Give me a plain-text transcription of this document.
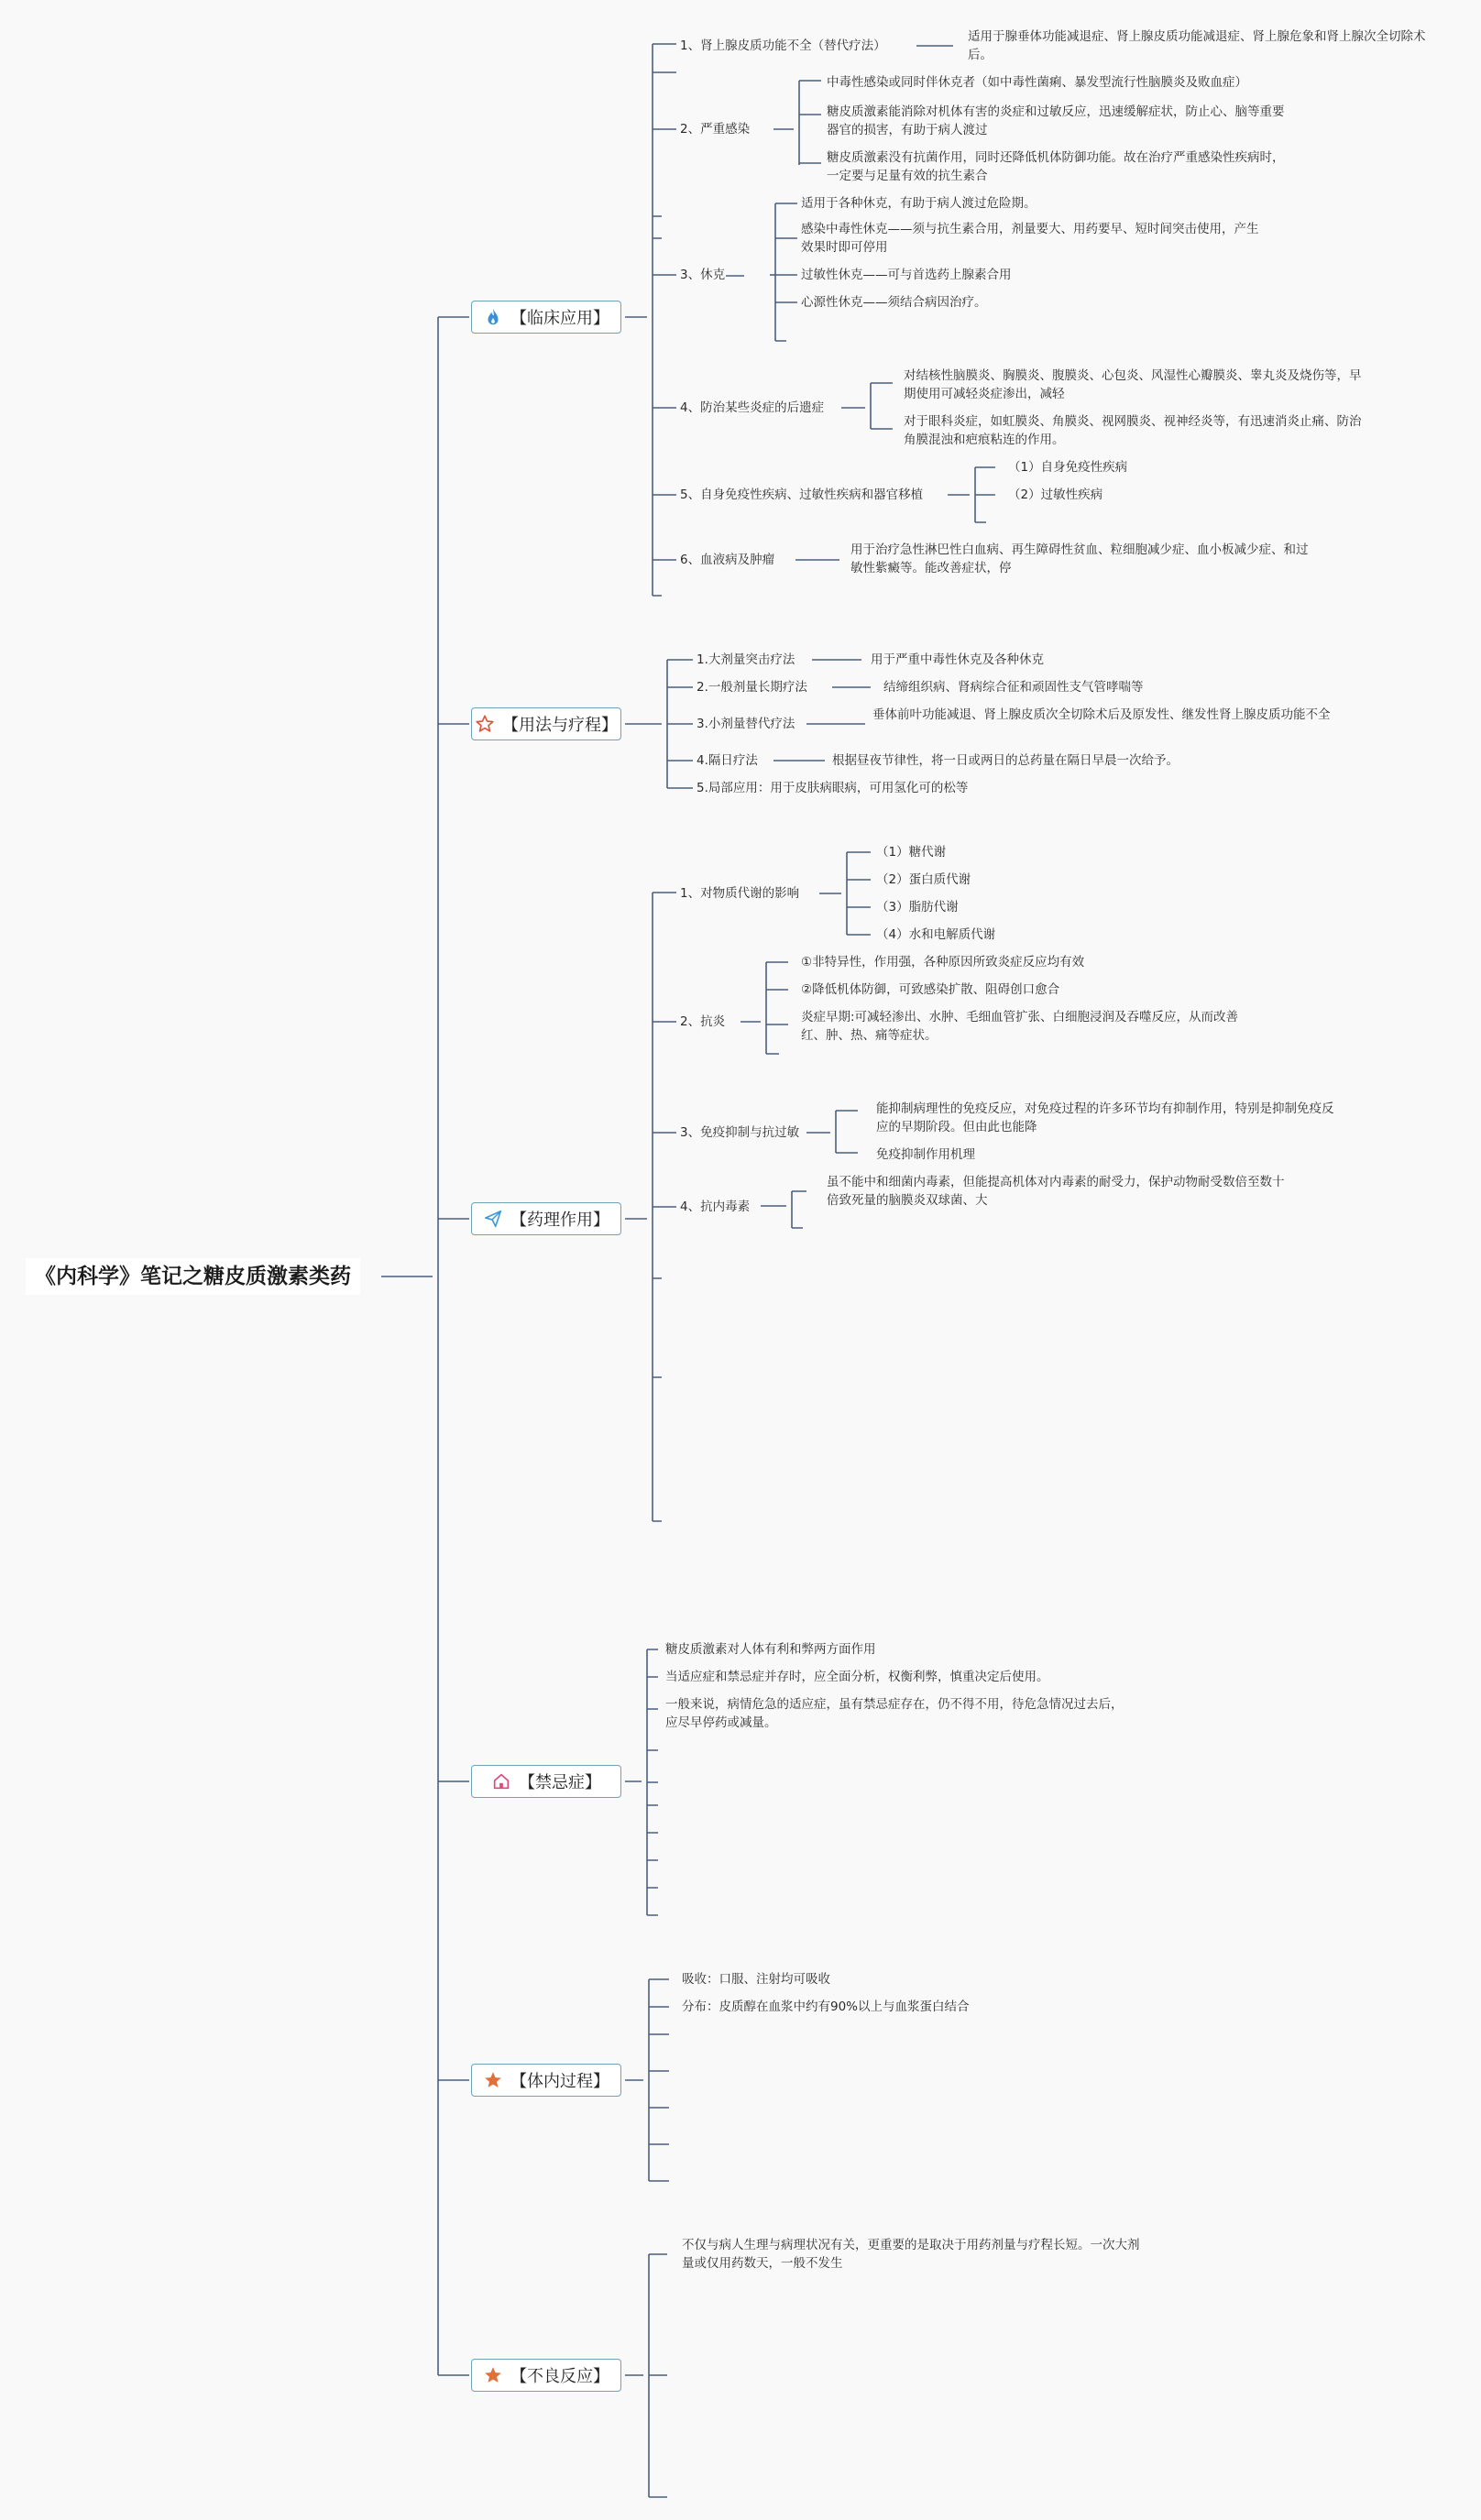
《内科学》笔记之糖皮质激素类药
【临床应用】
【用法与疗程】
【药理作用】
【禁忌症】
【体内过程】
【不良反应】
1、肾上腺皮质功能不全（替代疗法）
适用于腺垂体功能减退症、肾上腺皮质功能减退症、肾上腺危象和肾上腺次全切除术后。
2、严重感染
中毒性感染或同时伴休克者（如中毒性菌痢、暴发型流行性脑膜炎及败血症）
糖皮质激素能消除对机体有害的炎症和过敏反应，迅速缓解症状，防止心、脑等重要器官的损害，有助于病人渡过
糖皮质激素没有抗菌作用，同时还降低机体防御功能。故在治疗严重感染性疾病时，一定要与足量有效的抗生素合
3、休克
适用于各种休克，有助于病人渡过危险期。
感染中毒性休克——须与抗生素合用，剂量要大、用药要早、短时间突击使用，产生效果时即可停用
过敏性休克——可与首选药上腺素合用
心源性休克——须结合病因治疗。
4、防治某些炎症的后遗症
对结核性脑膜炎、胸膜炎、腹膜炎、心包炎、风湿性心瓣膜炎、睾丸炎及烧伤等，早期使用可减轻炎症渗出，减轻
对于眼科炎症，如虹膜炎、角膜炎、视网膜炎、视神经炎等，有迅速消炎止痛、防治角膜混浊和疤痕粘连的作用。
5、自身免疫性疾病、过敏性疾病和器官移植
（1）自身免疫性疾病
（2）过敏性疾病
6、血液病及肿瘤
用于治疗急性淋巴性白血病、再生障碍性贫血、粒细胞减少症、血小板减少症、和过敏性紫癜等。能改善症状，停
1.大剂量突击疗法	用于严重中毒性休克及各种休克
2.一般剂量长期疗法	结缔组织病、肾病综合征和顽固性支气管哮喘等
3.小剂量替代疗法
垂体前叶功能减退、肾上腺皮质次全切除术后及原发性、继发性肾上腺皮质功能不全
4.隔日疗法	根据昼夜节律性，将一日或两日的总药量在隔日早晨一次给予。
5.局部应用：用于皮肤病眼病，可用氢化可的松等
1、对物质代谢的影响
（1）糖代谢
（2）蛋白质代谢
（3）脂肪代谢
（4）水和电解质代谢
2、抗炎
①非特异性，作用强，各种原因所致炎症反应均有效
②降低机体防御，可致感染扩散、阻碍创口愈合
炎症早期:可减轻渗出、水肿、毛细血管扩张、白细胞浸润及吞噬反应，从而改善红、肿、热、痛等症状。
3、免疫抑制与抗过敏
能抑制病理性的免疫反应，对免疫过程的许多环节均有抑制作用，特别是抑制免疫反应的早期阶段。但由此也能降
免疫抑制作用机理
4、抗内毒素
虽不能中和细菌内毒素，但能提高机体对内毒素的耐受力，保护动物耐受数倍至数十倍致死量的脑膜炎双球菌、大
糖皮质激素对人体有利和弊两方面作用
当适应症和禁忌症并存时，应全面分析，权衡利弊，慎重决定后使用。
一般来说，病情危急的适应症，虽有禁忌症存在，仍不得不用，待危急情况过去后，应尽早停药或减量。
吸收：口服、注射均可吸收
分布：皮质醇在血浆中约有90%以上与血浆蛋白结合
不仅与病人生理与病理状况有关，更重要的是取决于用药剂量与疗程长短。一次大剂量或仅用药数天，一般不发生
